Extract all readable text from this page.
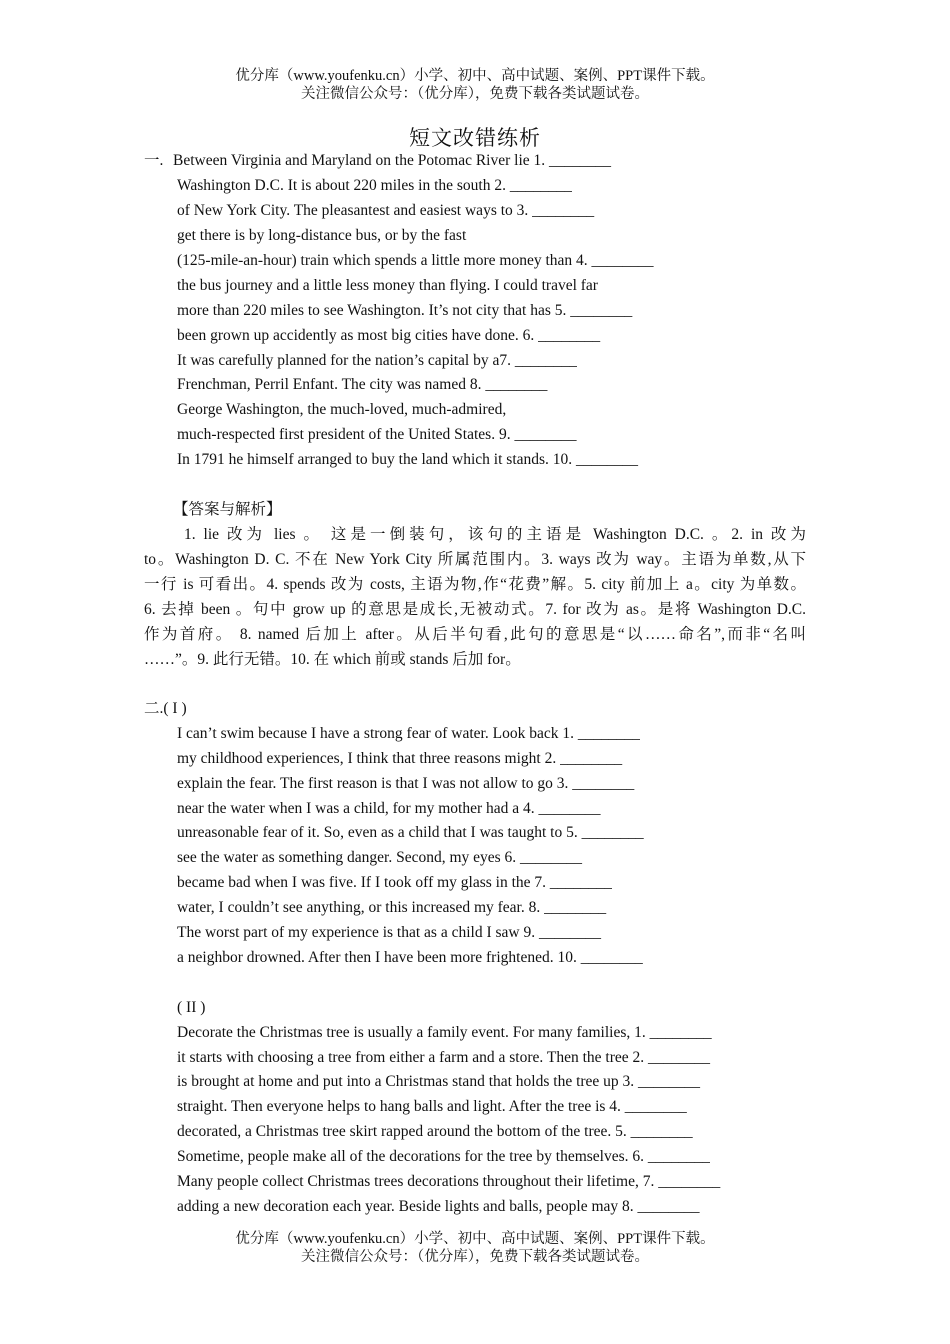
优分库（www.youfenku.cn）小学、初中、高中试题、案例、PPT课件下载。
关注微信公众号：（优分库），免费下载各类试题试卷。
短文改错练析
一. Between Virginia and Maryland on the Potomac River lie 1. ________
Washington D.C. It is about 220 miles in the south 2. ________
of New York City. The pleasantest and easiest ways to 3. ________
get there is by long-distance bus, or by the fast
(125-mile-an-hour) train which spends a little more money than 4. ________
the bus journey and a little less money than flying. I could travel far
more than 220 miles to see Washington. It’s not city that has 5. ________
been grown up accidently as most big cities have done. 6. ________
It was carefully planned for the nation’s capital by a7. ________
Frenchman, Perril Enfant. The city was named 8. ________
George Washington, the much-loved, much-admired,
much-respected first president of the United States. 9. ________
In 1791 he himself arranged to buy the land which it stands. 10. ________
【答案与解析】
1. lie 改为 lies 。 这是一倒装句，该句的主语是 Washington D.C. 。2. in 改为
to。Washington D. C. 不在 New York City 所属范围内。3. ways 改为 way。主语为单数,从下
一行 is 可看出。4. spends 改为 costs, 主语为物,作“花费”解。5. city 前加上 a。city 为单数。
6. 去掉 been 。句中 grow up 的意思是成长,无被动式。7. for 改为 as。是将 Washington D.C.
作为首府。 8. named 后加上 after。从后半句看,此句的意思是“以……命名”,而非“名叫
……”。9. 此行无错。10. 在 which 前或 stands 后加 for。
二.( I )
I can’t swim because I have a strong fear of water. Look back 1. ________
my childhood experiences, I think that three reasons might 2. ________
explain the fear. The first reason is that I was not allow to go 3. ________
near the water when I was a child, for my mother had a 4. ________
unreasonable fear of it. So, even as a child that I was taught to 5. ________
see the water as something danger. Second, my eyes 6. ________
became bad when I was five. If I took off my glass in the 7. ________
water, I couldn’t see anything, or this increased my fear. 8. ________
The worst part of my experience is that as a child I saw 9. ________
a neighbor drowned. After then I have been more frightened. 10. ________
( II )
Decorate the Christmas tree is usually a family event. For many families, 1. ________
it starts with choosing a tree from either a farm and a store. Then the tree 2. ________
is brought at home and put into a Christmas stand that holds the tree up 3. ________
straight. Then everyone helps to hang balls and light. After the tree is 4. ________
decorated, a Christmas tree skirt rapped around the bottom of the tree. 5. ________
Sometime, people make all of the decorations for the tree by themselves. 6. ________
Many people collect Christmas trees decorations throughout their lifetime, 7. ________
adding a new decoration each year. Beside lights and balls, people may 8. ________
优分库（www.youfenku.cn）小学、初中、高中试题、案例、PPT课件下载。
关注微信公众号：（优分库），免费下载各类试题试卷。
